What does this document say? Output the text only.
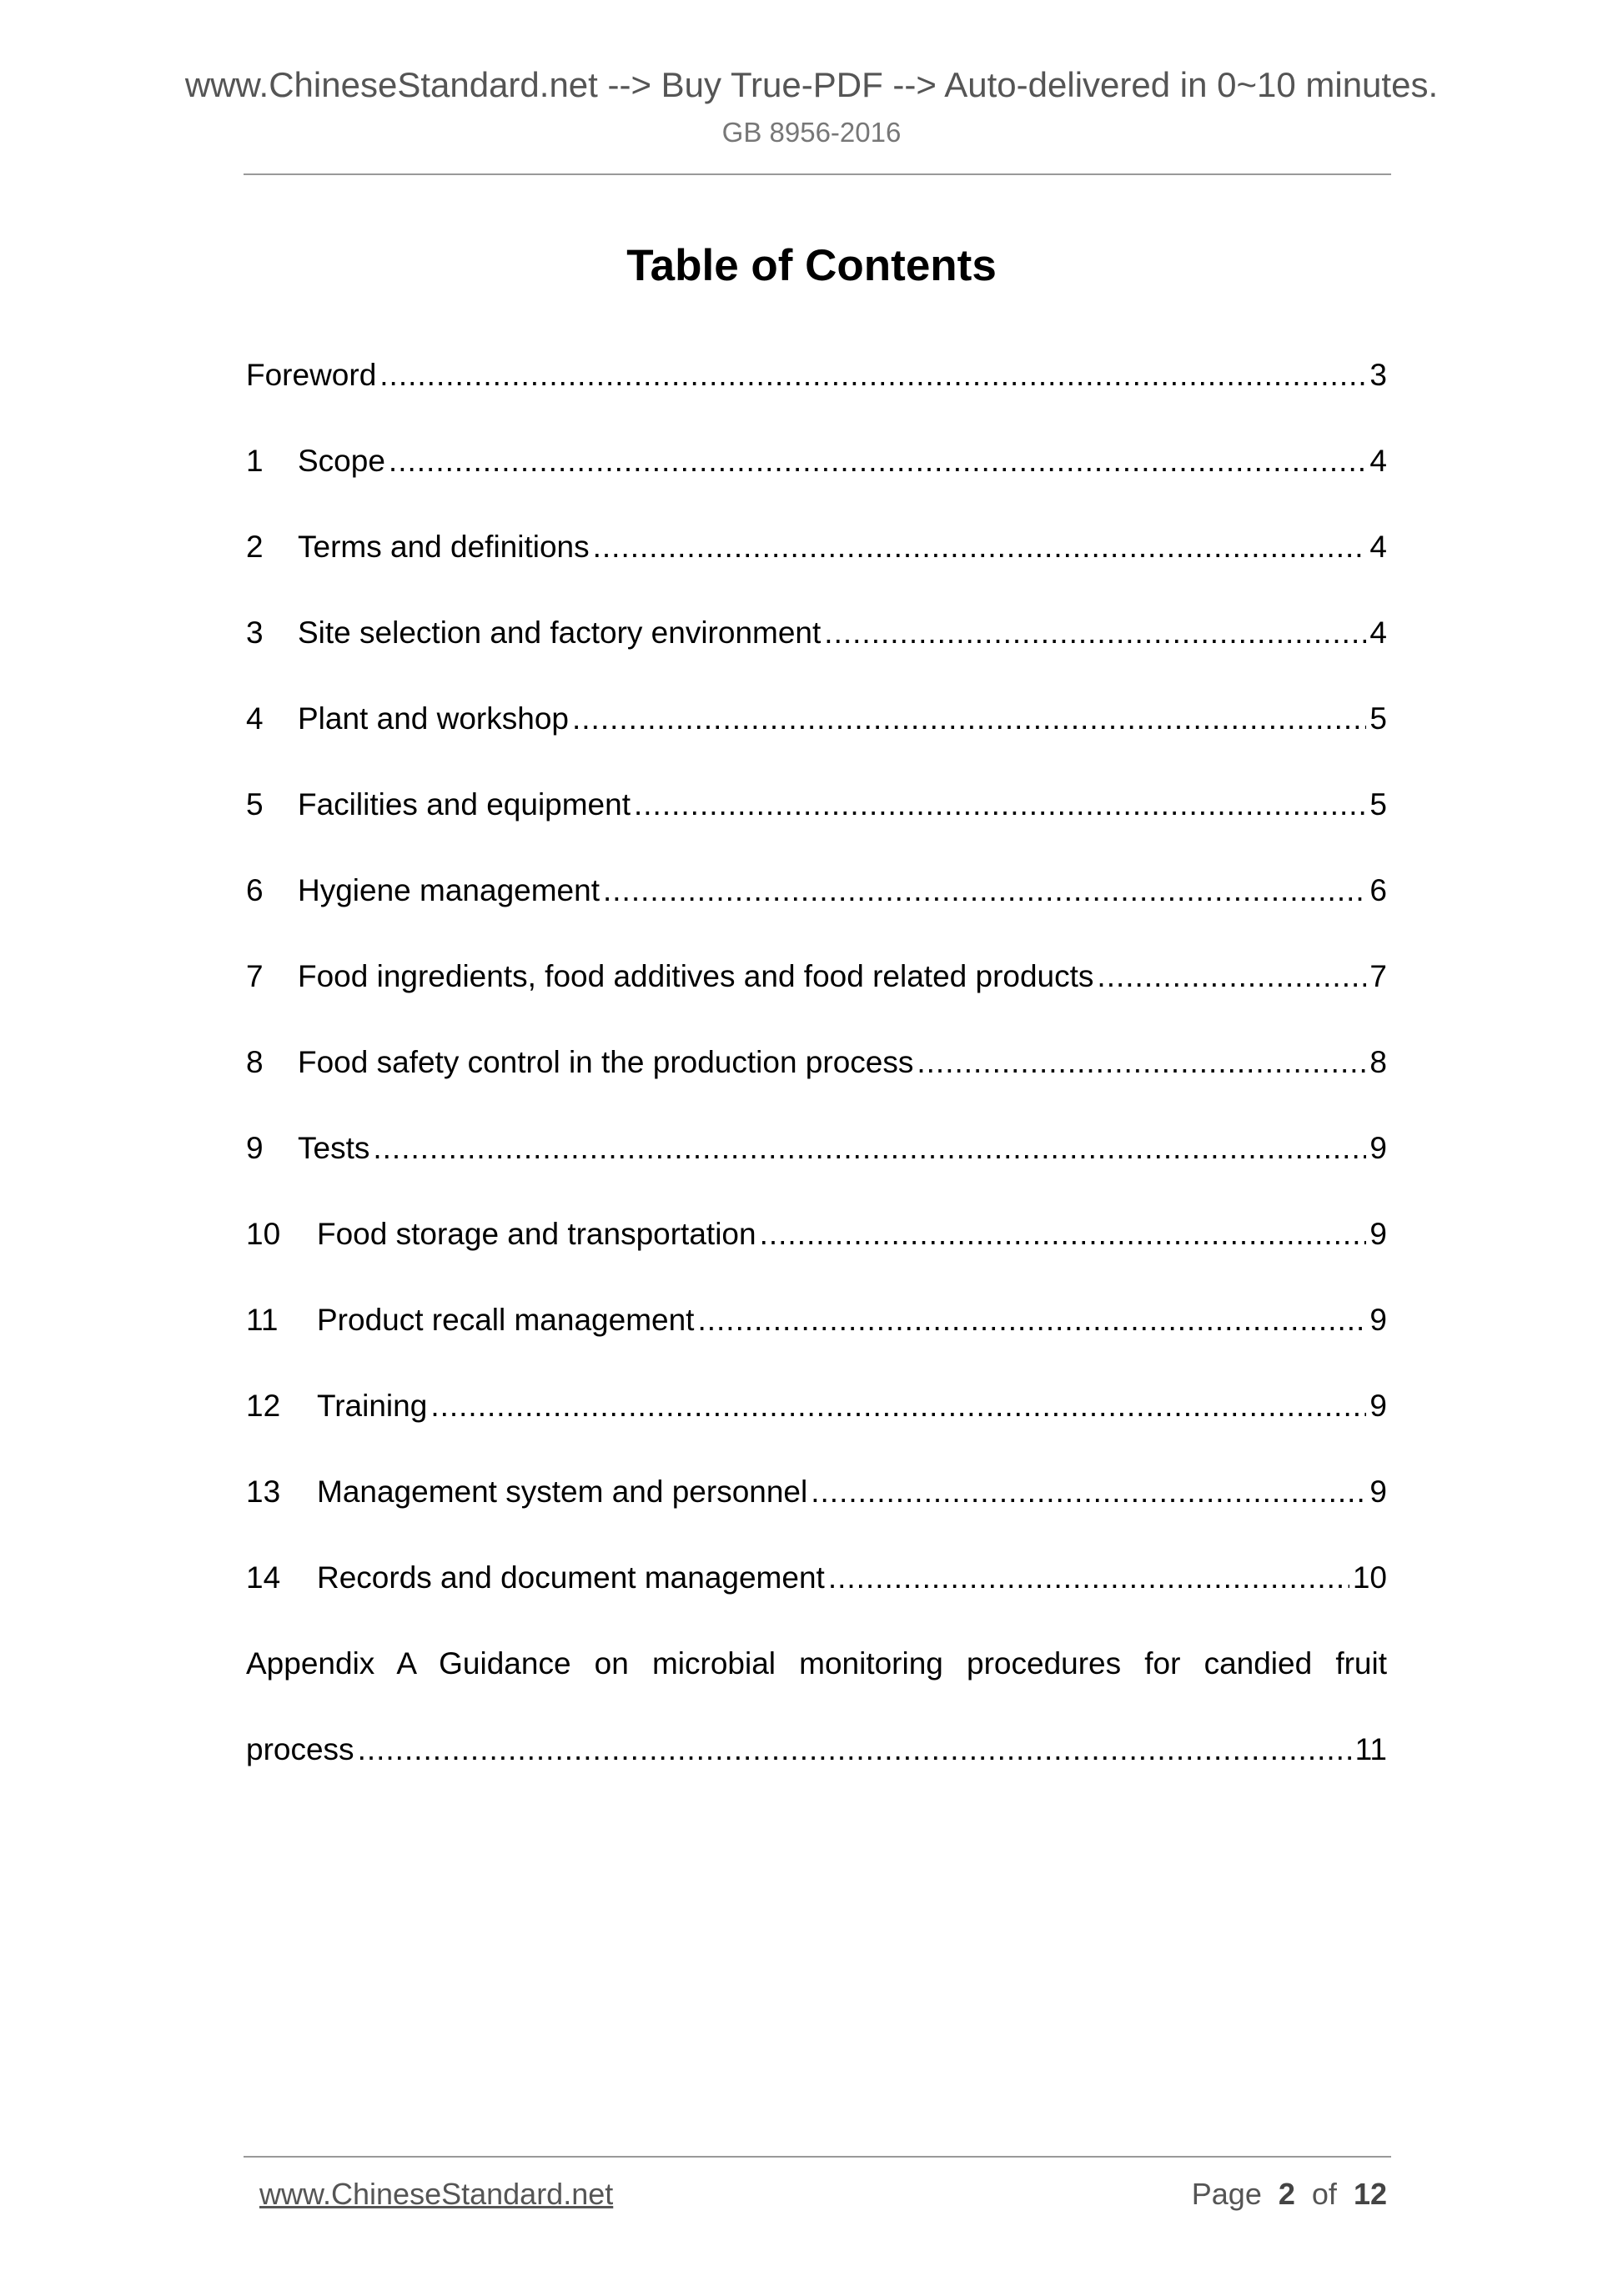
www.ChineseStandard.net --> Buy True-PDF --> Auto-delivered in 0~10 minutes.
GB 8956-2016
Table of Contents
Foreword .....	3
1	Scope .....	4
2	Terms and definitions .....	4
3	Site selection and factory environment .....	4
4	Plant and workshop .....	5
5	Facilities and equipment .....	5
6	Hygiene management .....	6
7	Food ingredients, food additives and food related products .....	7
8	Food safety control in the production process .....	8
9	Tests .....	9
10	Food storage and transportation .....	9
11	Product recall management .....	9
12	Training .....	9
13	Management system and personnel .....	9
14	Records and document management .....	10
Appendix A Guidance on microbial monitoring procedures for candied fruit
process .....	11
www.ChineseStandard.net	Page 2 of 12
